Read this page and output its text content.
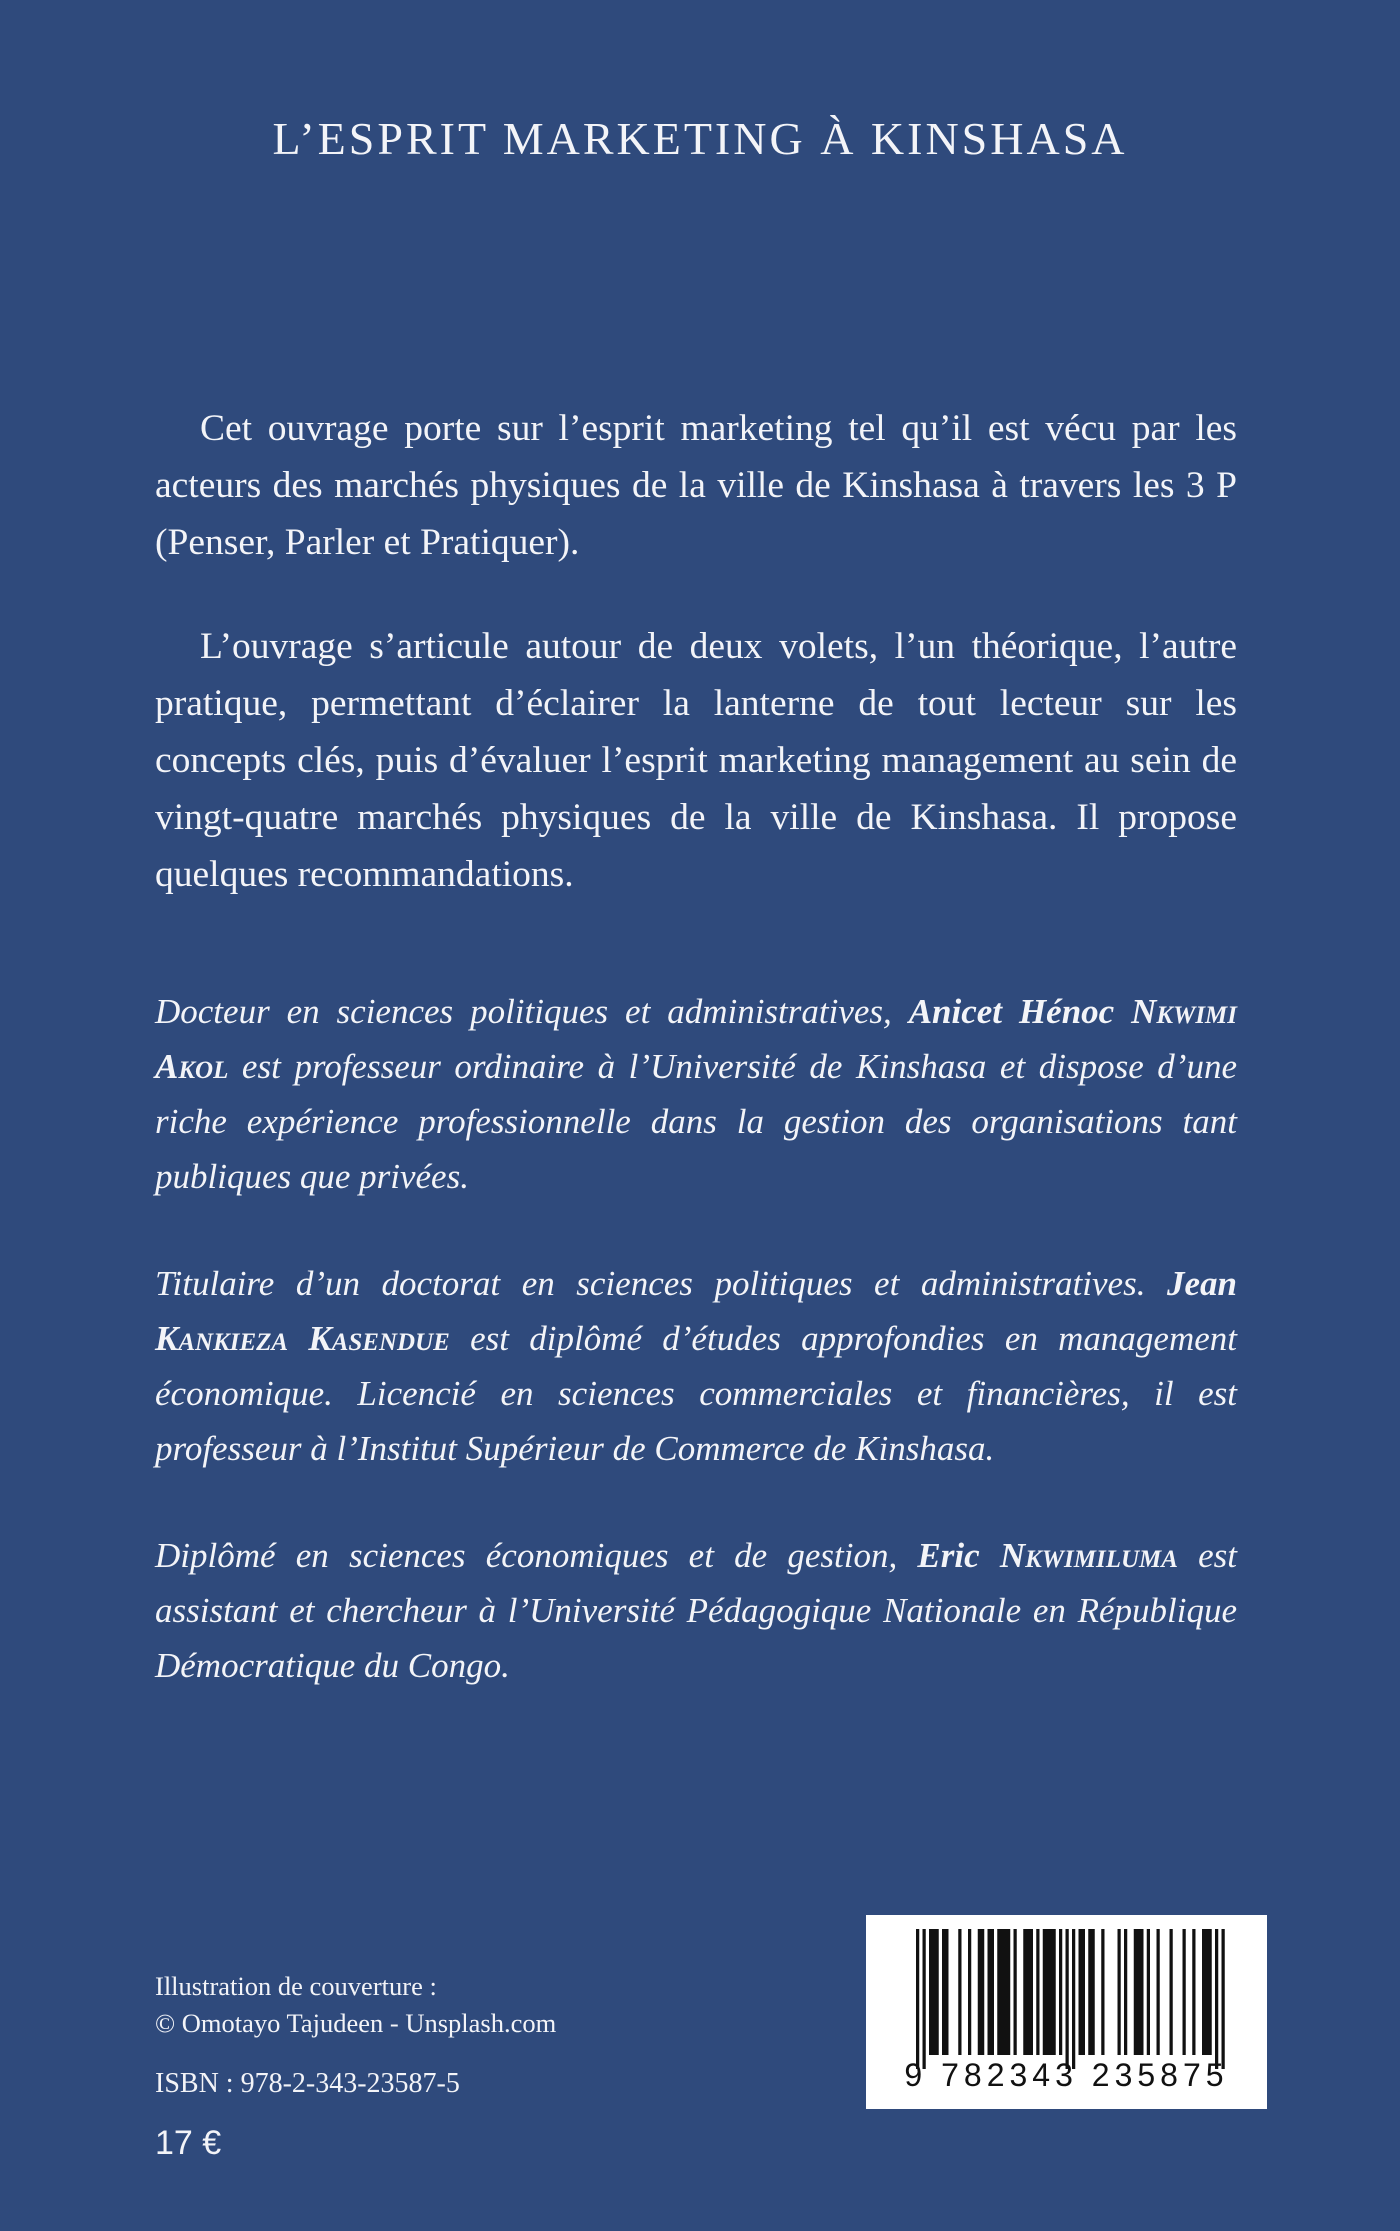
L’ESPRIT MARKETING À KINSHASA

Cet ouvrage porte sur l’esprit marketing tel qu’il est vécu par les acteurs des marchés physiques de la ville de Kinshasa à travers les 3 P (Penser, Parler et Pratiquer).

L’ouvrage s’articule autour de deux volets, l’un théorique, l’autre pratique, permettant d’éclairer la lanterne de tout lecteur sur les concepts clés, puis d’évaluer l’esprit marketing management au sein de vingt-quatre marchés physiques de la ville de Kinshasa. Il propose quelques recommandations.

Docteur en sciences politiques et administratives, Anicet Hénoc Nkwimi Akol est professeur ordinaire à l’Université de Kinshasa et dispose d’une riche expérience professionnelle dans la gestion des organisations tant publiques que privées.

Titulaire d’un doctorat en sciences politiques et administratives. Jean Kankieza Kasendue est diplômé d’études approfondies en management économique. Licencié en sciences commerciales et financières, il est professeur à l’Institut Supérieur de Commerce de Kinshasa.

Diplômé en sciences économiques et de gestion, Eric Nkwimiluma est assistant et chercheur à l’Université Pédagogique Nationale en République Démocratique du Congo.

Illustration de couverture :
© Omotayo Tajudeen - Unsplash.com
ISBN : 978-2-343-23587-5
17 €
9 782343 235875
